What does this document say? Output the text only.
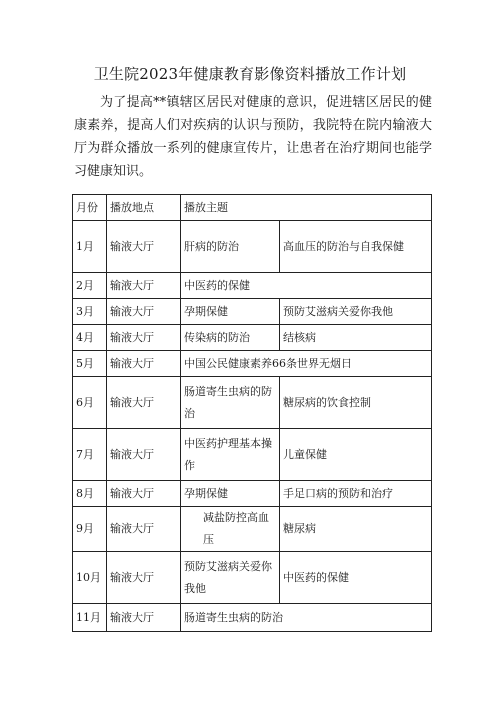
卫生院2023年健康教育影像资料播放工作计划
为了提高**镇辖区居民对健康的意识，促进辖区居民的健康素养，提高人们对疾病的认识与预防，我院特在院内输液大厅为群众播放一系列的健康宣传片，让患者在治疗期间也能学习健康知识。
月份	播放地点	播放主题	
1月	输液大厅	肝病的防治	高血压的防治与自我保健
2月	输液大厅	中医药的保健	
3月	输液大厅	孕期保健	预防艾滋病关爱你我他
4月	输液大厅	传染病的防治	结核病
5月	输液大厅	中国公民健康素养66条世界无烟日	
6月	输液大厅	肠道寄生虫病的防治	糖尿病的饮食控制
7月	输液大厅	中医药护理基本操作	儿童保健
8月	输液大厅	孕期保健	手足口病的预防和治疗
9月	输液大厅	减盐防控高血压	糖尿病
10月	输液大厅	预防艾滋病关爱你我他	中医药的保健
11月	输液大厅	肠道寄生虫病的防治	
